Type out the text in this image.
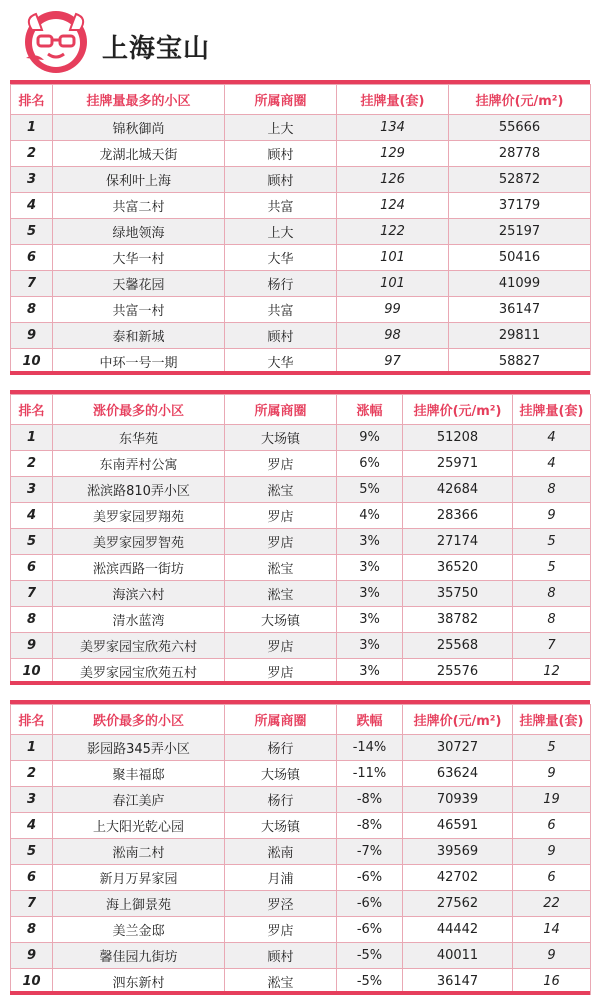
上海宝山
排名	挂牌量最多的小区	所属商圈	挂牌量(套)	挂牌价(元/m²)
1	锦秋御尚	上大	134	55666
2	龙湖北城天街	顾村	129	28778
3	保利叶上海	顾村	126	52872
4	共富二村	共富	124	37179
5	绿地领海	上大	122	25197
6	大华一村	大华	101	50416
7	天馨花园	杨行	101	41099
8	共富一村	共富	99	36147
9	泰和新城	顾村	98	29811
10	中环一号一期	大华	97	58827
排名	涨价最多的小区	所属商圈	涨幅	挂牌价(元/m²)	挂牌量(套)
1	东华苑	大场镇	9%	51208	4
2	东南弄村公寓	罗店	6%	25971	4
3	淞滨路810弄小区	淞宝	5%	42684	8
4	美罗家园罗翔苑	罗店	4%	28366	9
5	美罗家园罗智苑	罗店	3%	27174	5
6	淞滨西路一街坊	淞宝	3%	36520	5
7	海滨六村	淞宝	3%	35750	8
8	清水蓝湾	大场镇	3%	38782	8
9	美罗家园宝欣苑六村	罗店	3%	25568	7
10	美罗家园宝欣苑五村	罗店	3%	25576	12
排名	跌价最多的小区	所属商圈	跌幅	挂牌价(元/m²)	挂牌量(套)
1	影园路345弄小区	杨行	-14%	30727	5
2	聚丰福邸	大场镇	-11%	63624	9
3	春江美庐	杨行	-8%	70939	19
4	上大阳光乾心园	大场镇	-8%	46591	6
5	淞南二村	淞南	-7%	39569	9
6	新月万昇家园	月浦	-6%	42702	6
7	海上御景苑	罗泾	-6%	27562	22
8	美兰金邸	罗店	-6%	44442	14
9	馨佳园九街坊	顾村	-5%	40011	9
10	泗东新村	淞宝	-5%	36147	16
